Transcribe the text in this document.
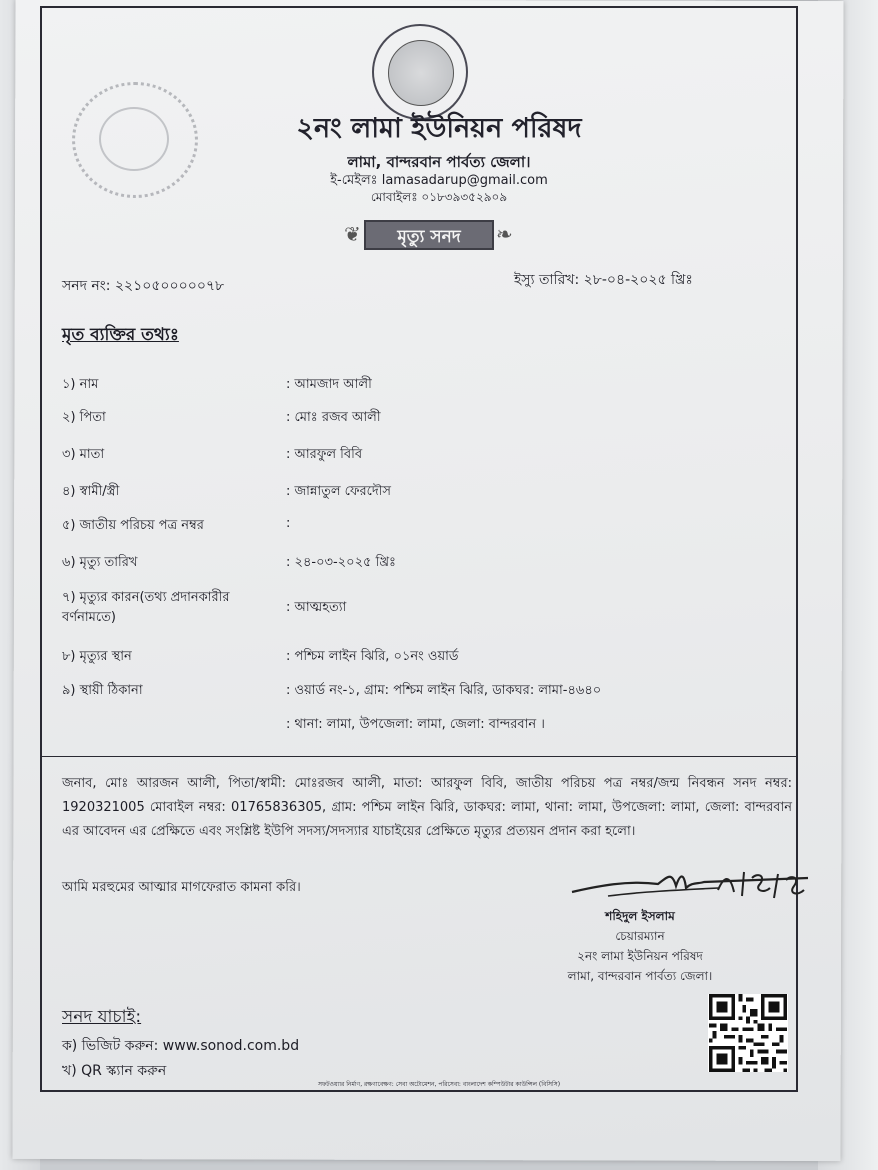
২নং লামা ইউনিয়ন পরিষদ
লামা, বান্দরবান পার্বত্য জেলা।
ই-মেইলঃ lamasadarup@gmail.com
মোবাইলঃ ০১৮৩৯৩৫২৯০৯
❦	মৃত্যু সনদ	❧
সনদ নং: ২২১০৫০০০০০৭৮	ইস্যু তারিখ: ২৮-০৪-২০২৫ খ্রিঃ
মৃত ব্যক্তির তথ্যঃ
১) নাম	: আমজাদ আলী
২) পিতা	: মোঃ রজব আলী
৩) মাতা	: আরফুল বিবি
৪) স্বামী/স্ত্রী	: জান্নাতুল ফেরদৌস
৫) জাতীয় পরিচয় পত্র নম্বর	:
৬) মৃত্যু তারিখ	: ২৪-০৩-২০২৫ খ্রিঃ
৭) মৃত্যুর কারন(তথ্য প্রদানকারীর বর্ণনামতে)
: আত্মহত্যা
৮) মৃত্যুর স্থান	: পশ্চিম লাইন ঝিরি, ০১নং ওয়ার্ড
৯) স্থায়ী ঠিকানা	: ওয়ার্ড নং-১, গ্রাম: পশ্চিম লাইন ঝিরি, ডাকঘর: লামা-৪৬৪০
: থানা: লামা, উপজেলা: লামা, জেলা: বান্দরবান ।
জনাব, মোঃ আরজন আলী, পিতা/স্বামী: মোঃরজব আলী, মাতা: আরফুল বিবি, জাতীয় পরিচয় পত্র নম্বর/জন্ম নিবন্ধন সনদ নম্বর: 1920321005 মোবাইল নম্বর: 01765836305, গ্রাম: পশ্চিম লাইন ঝিরি, ডাকঘর: লামা, থানা: লামা, উপজেলা: লামা, জেলা: বান্দরবান এর আবেদন এর প্রেক্ষিতে এবং সংশ্লিষ্ট ইউপি সদস্য/সদস্যার যাচাইয়ের প্রেক্ষিতে মৃত্যুর প্রত্যয়ন প্রদান করা হলো।
আমি মরহুমের আত্মার মাগফেরাত কামনা করি।
শহিদুল ইসলাম
চেয়ারম্যান
২নং লামা ইউনিয়ন পরিষদ
লামা, বান্দরবান পার্বত্য জেলা।
সনদ যাচাই:
ক) ভিজিট করুন: www.sonod.com.bd
খ) QR স্ক্যান করুন
সফটওয়্যার নির্মাণ, রক্ষণাবেক্ষণ: সেবা অটোমেশন, পরিসেবা: বাংলাদেশ কম্পিউটার কাউন্সিল (বিসিসি)
